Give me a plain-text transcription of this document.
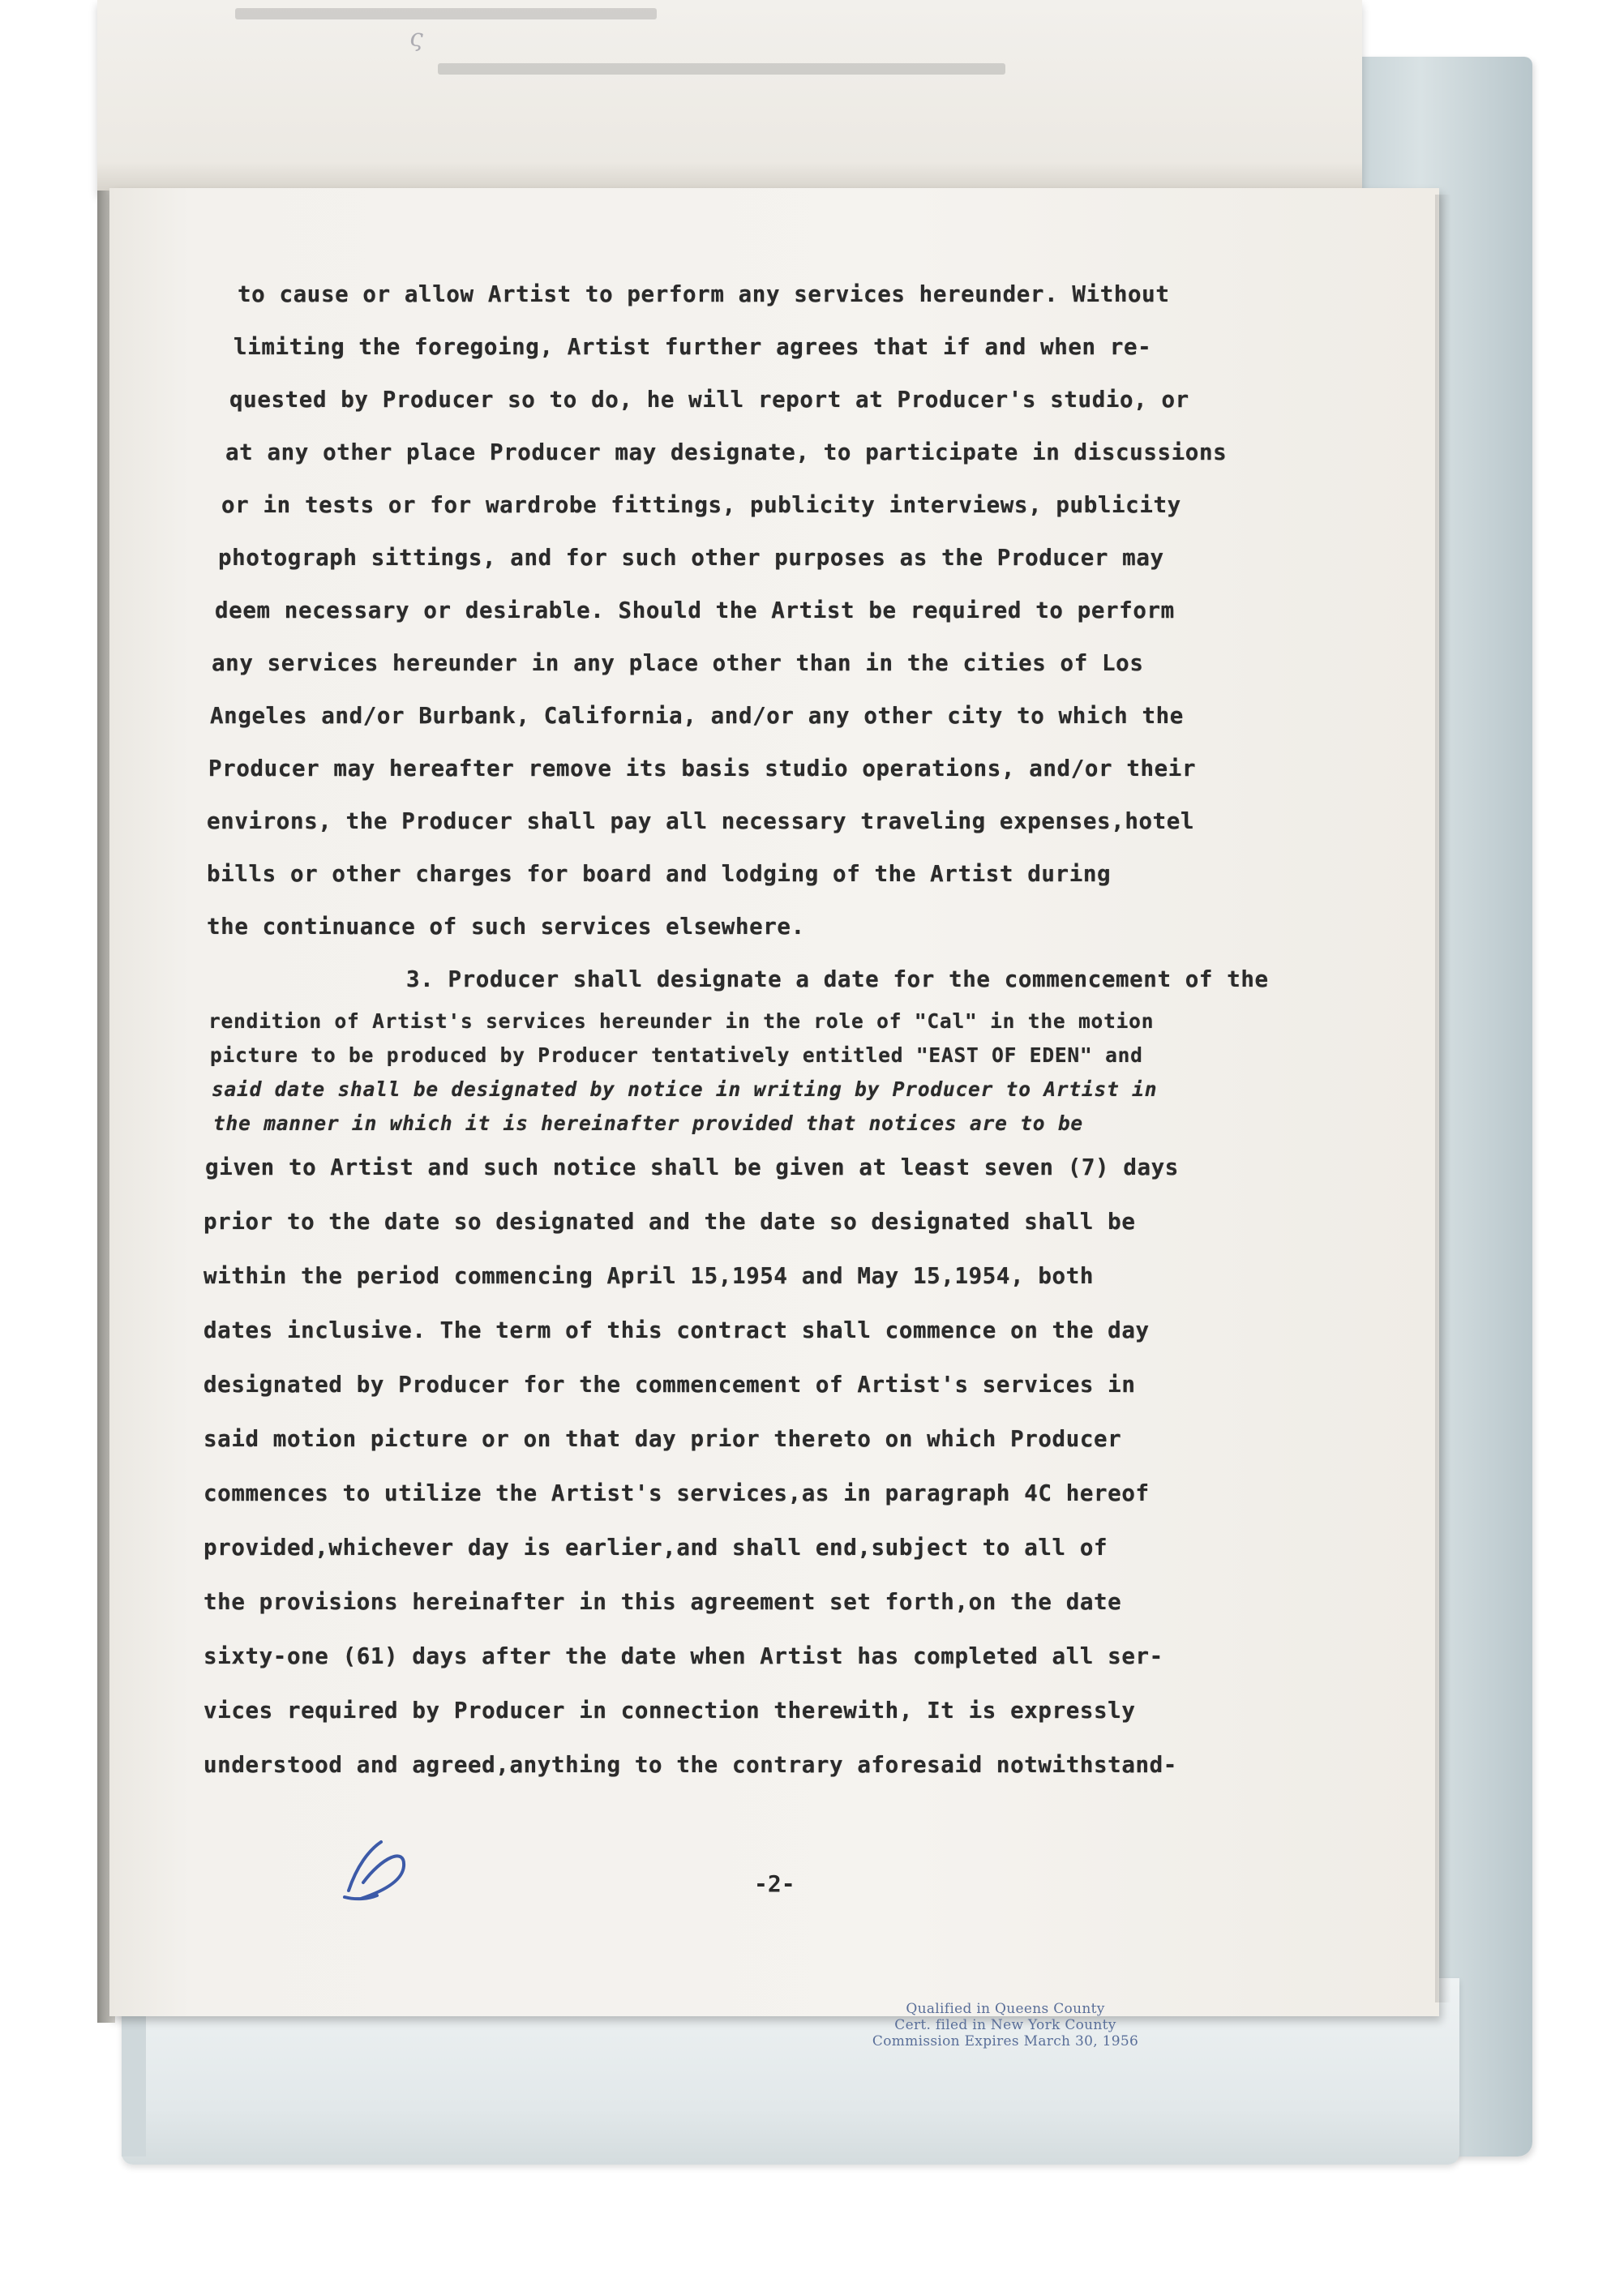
ς
to cause or allow Artist to perform any services hereunder. Without
limiting the foregoing, Artist further agrees that if and when re-
quested by Producer so to do, he will report at Producer's studio, or
at any other place Producer may designate, to participate in discussions
or in tests or for wardrobe fittings, publicity interviews, publicity
photograph sittings, and for such other purposes as the Producer may
deem necessary or desirable. Should the Artist be required to perform
any services hereunder in any place other than in the cities of Los
Angeles and/or Burbank, California, and/or any other city to which the
Producer may hereafter remove its basis studio operations, and/or their
environs, the Producer shall pay all necessary traveling expenses,hotel
bills or other charges for board and lodging of the Artist during
the continuance of such services elsewhere.
3. Producer shall designate a date for the commencement of the
rendition of Artist's services hereunder in the role of "Cal" in the motion
picture to be produced by Producer tentatively entitled "EAST OF EDEN" and
said date shall be designated by notice in writing by Producer to Artist in
the manner in which it is hereinafter provided that notices are to be
given to Artist and such notice shall be given at least seven (7) days
prior to the date so designated and the date so designated shall be
within the period commencing April 15,1954 and May 15,1954, both
dates inclusive. The term of this contract shall commence on the day
designated by Producer for the commencement of Artist's services in
said motion picture or on that day prior thereto on which Producer
commences to utilize the Artist's services,as in paragraph 4C hereof
provided,whichever day is earlier,and shall end,subject to all of
the provisions hereinafter in this agreement set forth,on the date
sixty-one (61) days after the date when Artist has completed all ser-
vices required by Producer in connection therewith, It is expressly
understood and agreed,anything to the contrary aforesaid notwithstand-
-2-
Qualified in Queens County
Cert. filed in New York County
Commission Expires March 30, 1956
